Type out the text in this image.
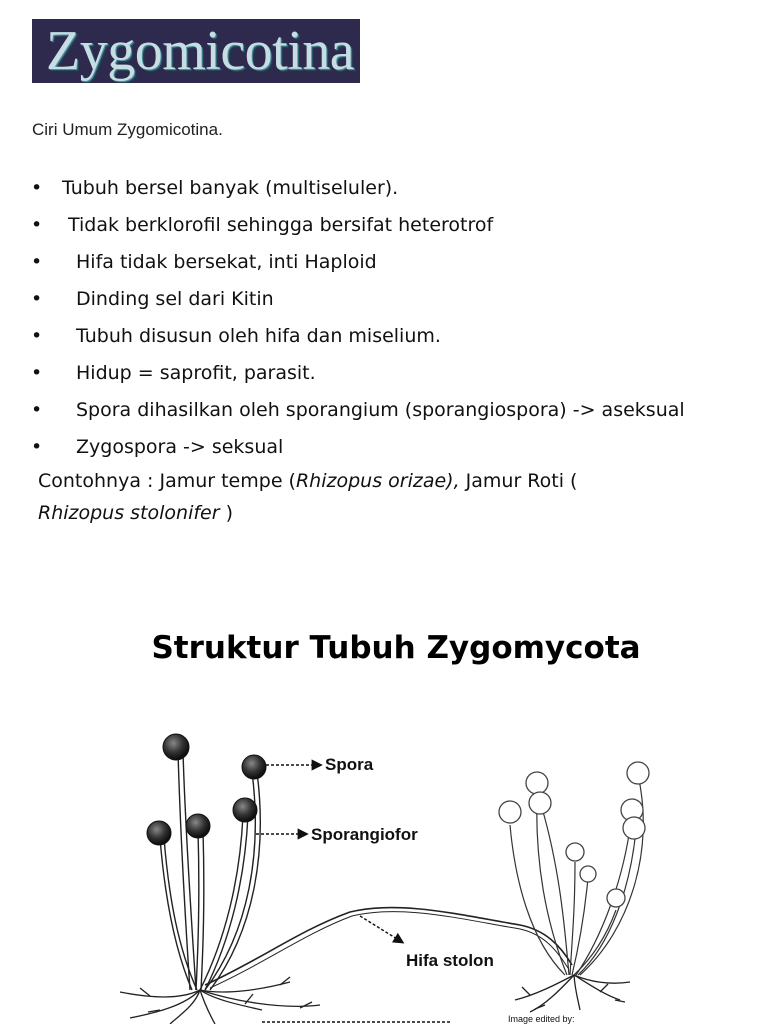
Zygomicotina
Ciri Umum Zygomicotina.
• Tubuh bersel banyak (multiseluler).
• Tidak berklorofil sehingga bersifat heterotrof
• Hifa tidak bersekat, inti Haploid
• Dinding sel dari Kitin
• Tubuh disusun oleh hifa dan miselium.
• Hidup = saprofit, parasit.
• Spora dihasilkan oleh sporangium (sporangiospora) -> aseksual
• Zygospora -> seksual
Contohnya : Jamur tempe (Rhizopus orizae), Jamur Roti (
Rhizopus stolonifer )
Struktur Tubuh Zygomycota
Spora
Sporangiofor
Hifa stolon
Image edited by:
